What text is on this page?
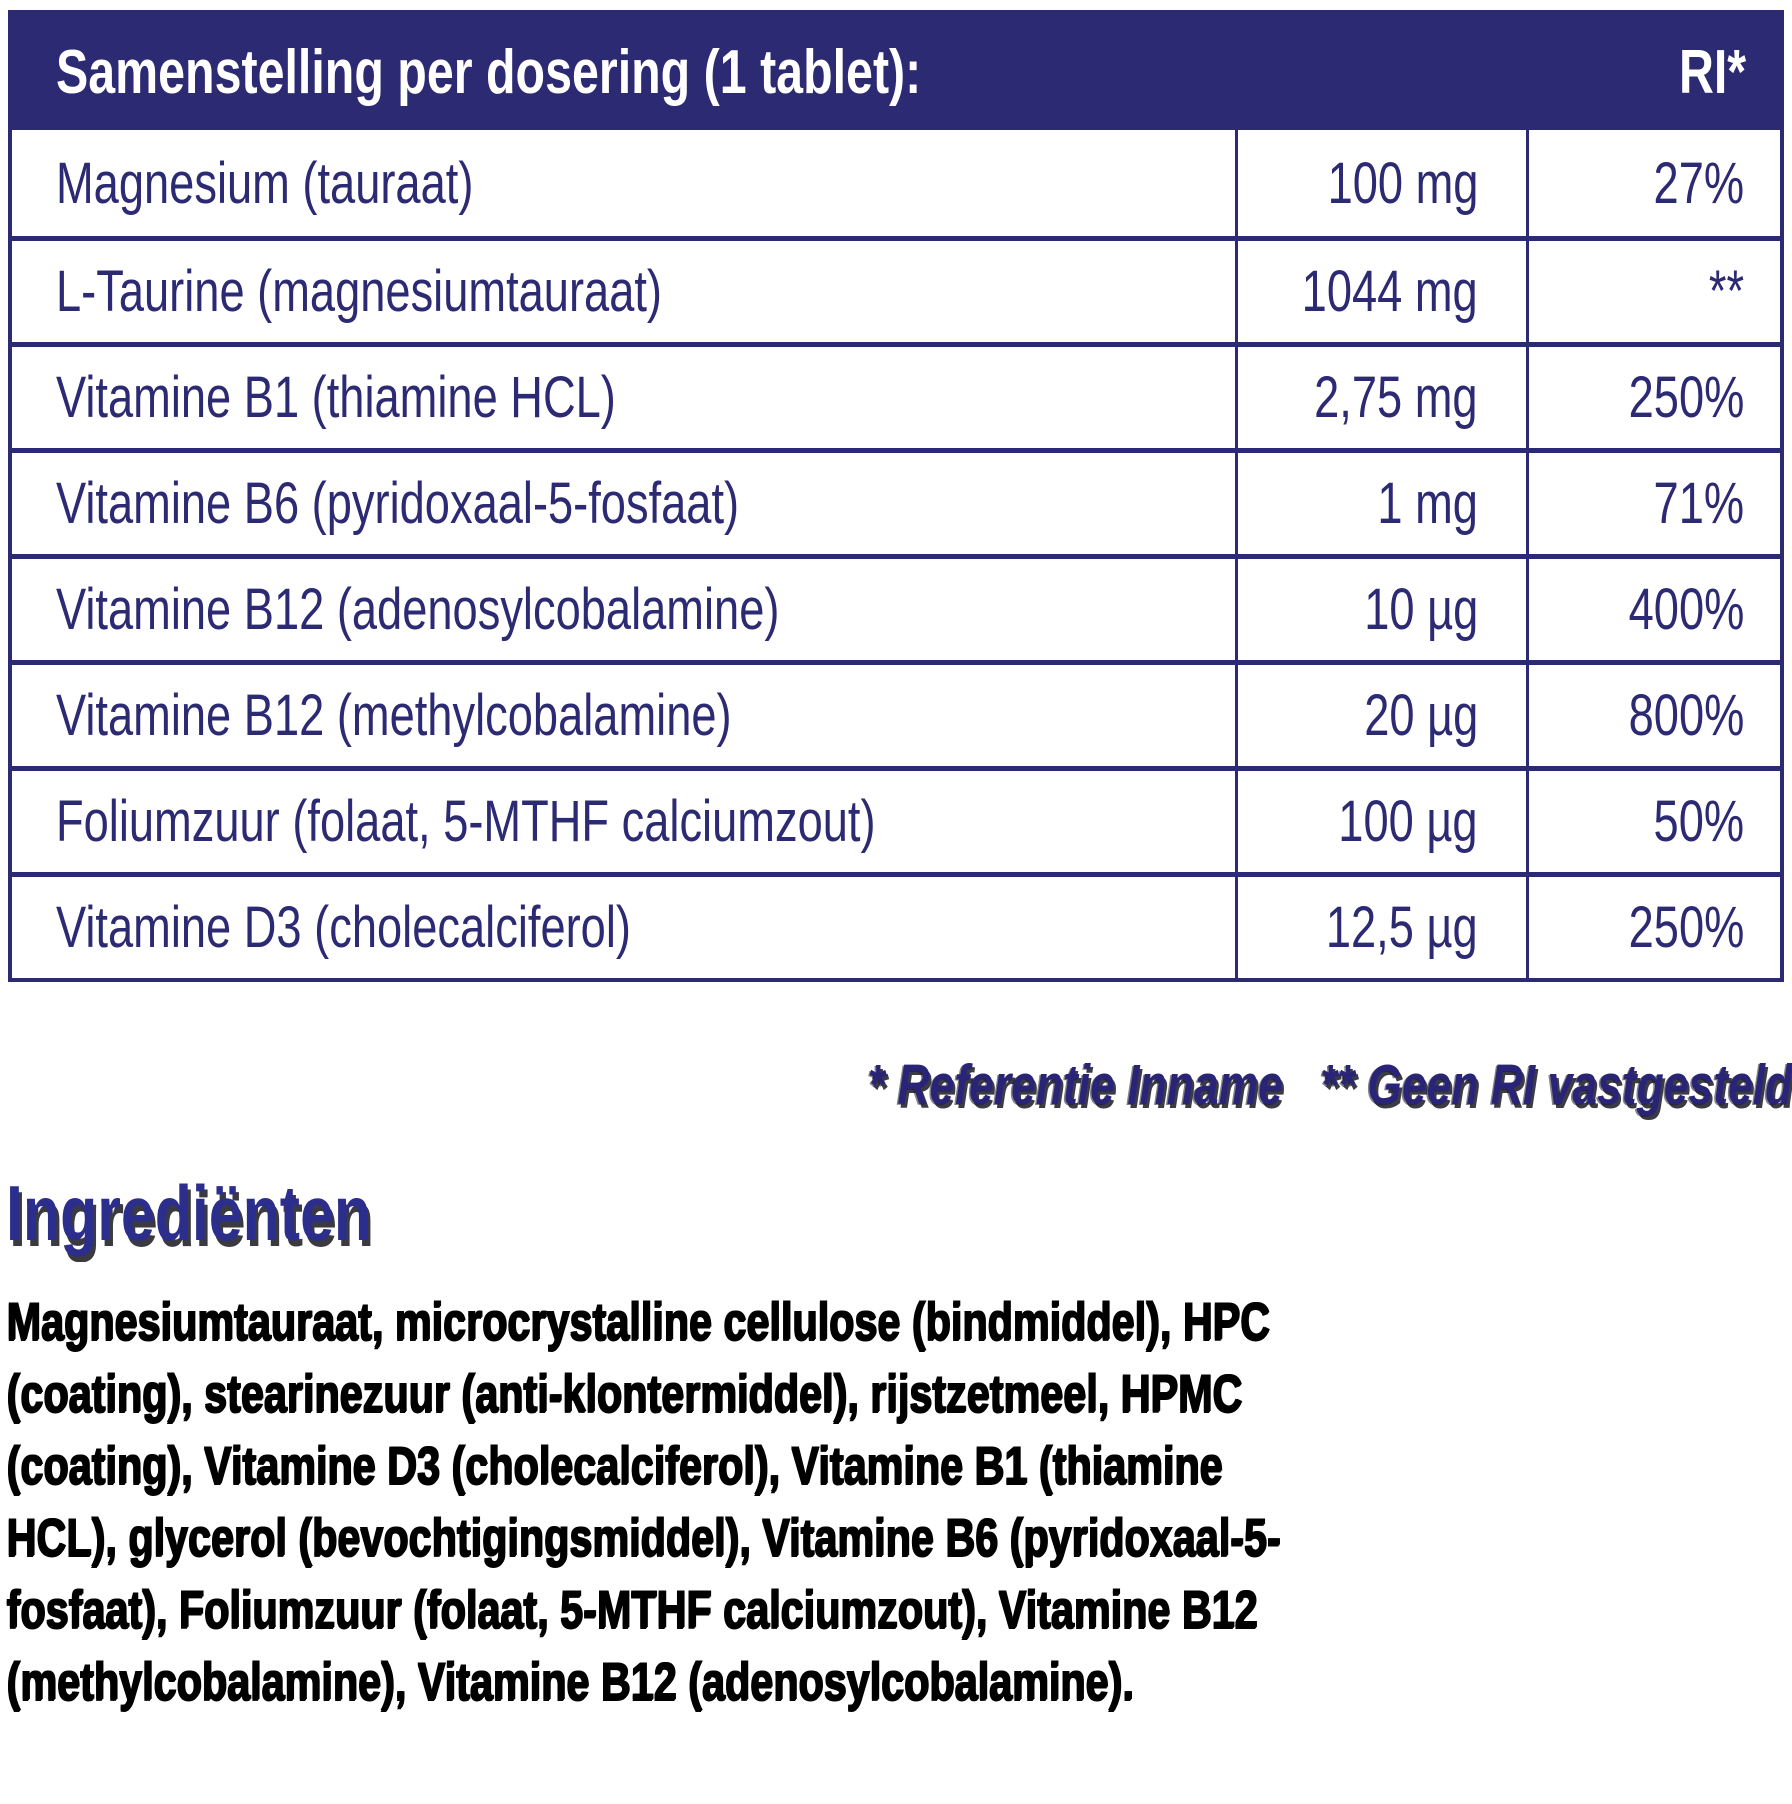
Samenstelling per dosering (1 tablet):	RI*
Magnesium (tauraat)	100 mg	27%
L-Taurine (magnesiumtauraat)	1044 mg	**
Vitamine B1 (thiamine HCL)	2,75 mg	250%
Vitamine B6 (pyridoxaal-5-fosfaat)	1 mg	71%
Vitamine B12 (adenosylcobalamine)	10 µg	400%
Vitamine B12 (methylcobalamine)	20 µg	800%
Foliumzuur (folaat, 5-MTHF calciumzout)	100 µg	50%
Vitamine D3 (cholecalciferol)	12,5 µg	250%
* Referentie Inname ** Geen RI vastgesteld
Ingrediënten
Magnesiumtauraat, microcrystalline cellulose (bindmiddel), HPC (coating), stearinezuur (anti-klontermiddel), rijstzetmeel, HPMC (coating), Vitamine D3 (cholecalciferol), Vitamine B1 (thiamine HCL), glycerol (bevochtigingsmiddel), Vitamine B6 (pyridoxaal-5- fosfaat), Foliumzuur (folaat, 5-MTHF calciumzout), Vitamine B12 (methylcobalamine), Vitamine B12 (adenosylcobalamine).
